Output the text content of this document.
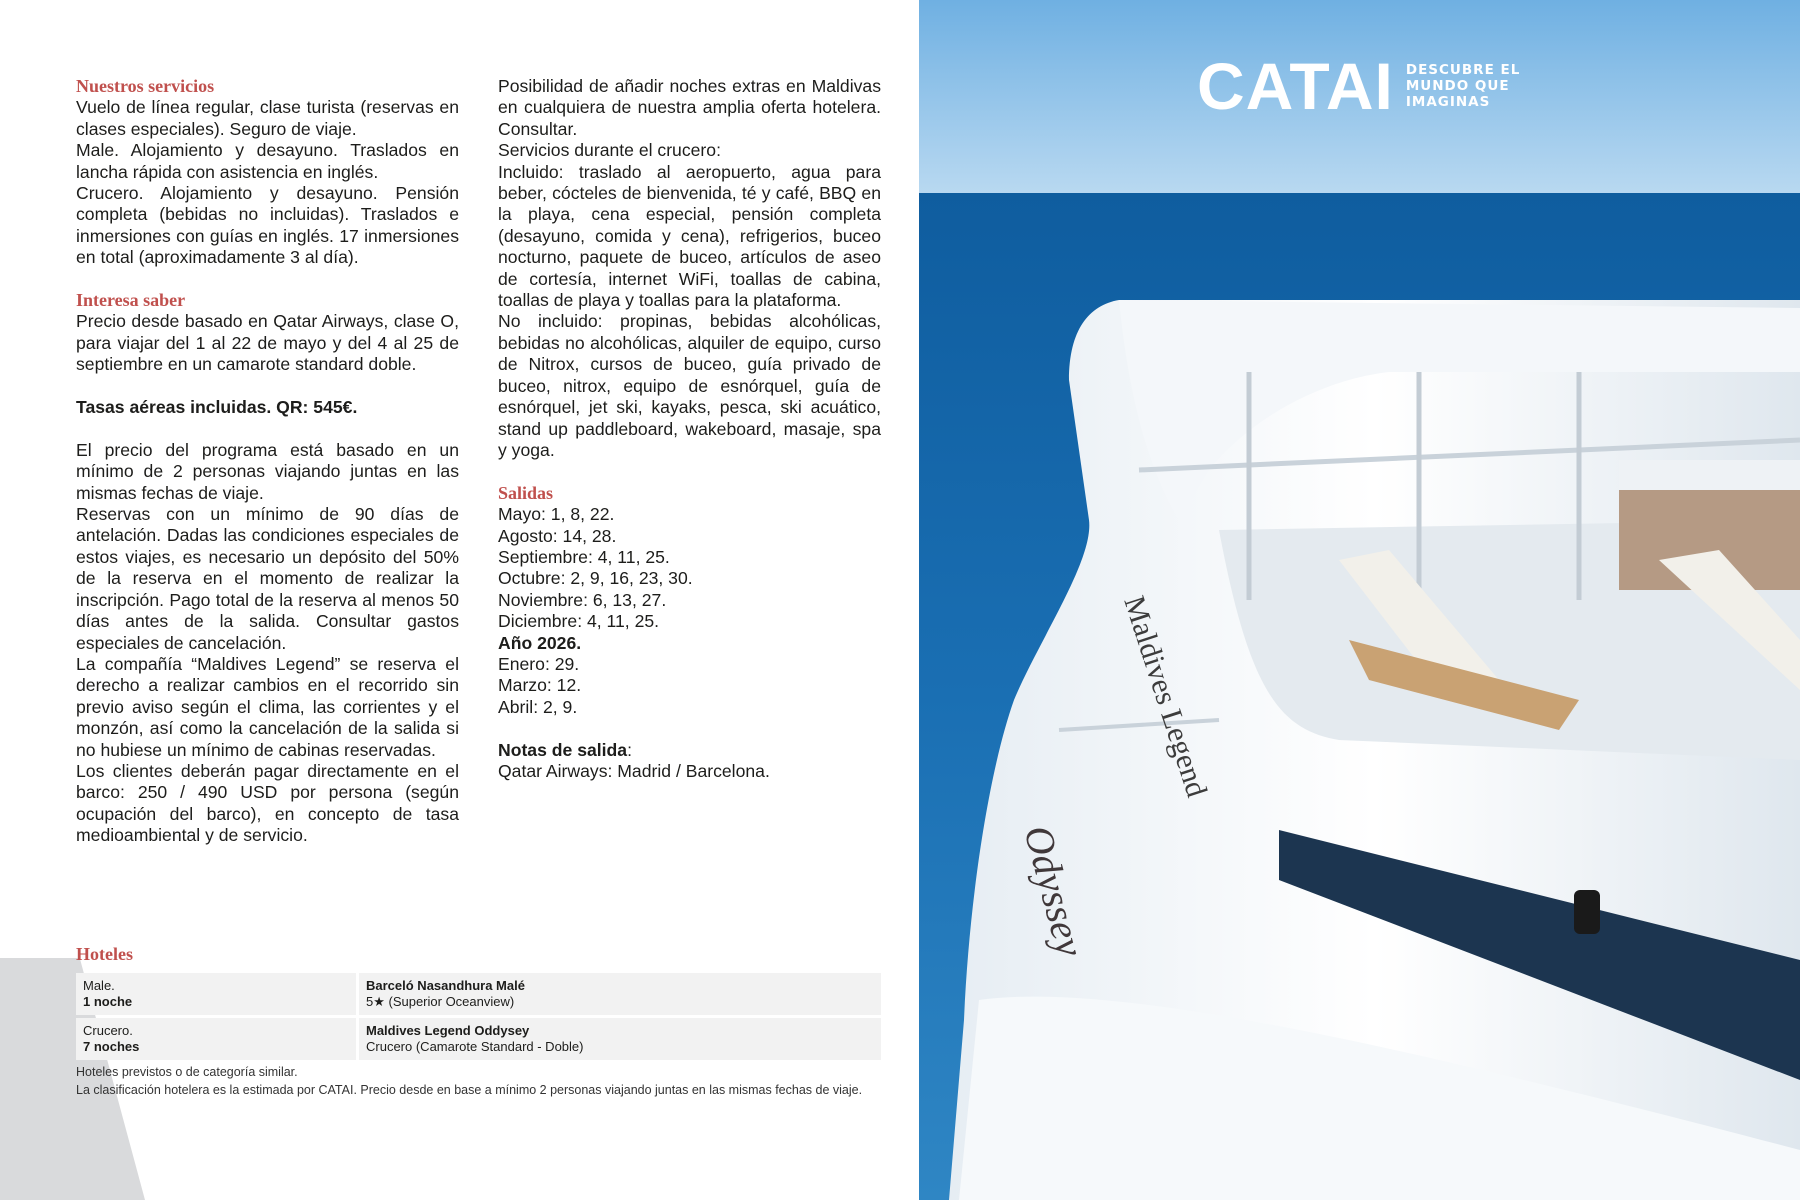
Nuestros servicios

Vuelo de línea regular, clase turista (reservas en clases especiales). Seguro de viaje.

Male. Alojamiento y desayuno. Traslados en lancha rápida con asistencia en inglés.

Crucero. Alojamiento y desayuno. Pensión completa (bebidas no incluidas). Traslados e inmersiones con guías en inglés. 17 inmersiones en total (aproximadamente 3 al día).

Interesa saber

Precio desde basado en Qatar Airways, clase O, para viajar del 1 al 22 de mayo y del 4 al 25 de septiembre en un camarote standard doble.

Tasas aéreas incluidas. QR: 545€.

El precio del programa está basado en un mínimo de 2 personas viajando juntas en las mismas fechas de viaje.

Reservas con un mínimo de 90 días de antelación. Dadas las condiciones especiales de estos viajes, es necesario un depósito del 50% de la reserva en el momento de realizar la inscripción. Pago total de la reserva al menos 50 días antes de la salida. Consultar gastos especiales de cancelación.

La compañía “Maldives Legend” se reserva el derecho a realizar cambios en el recorrido sin previo aviso según el clima, las corrientes y el monzón, así como la cancelación de la salida si no hubiese un mínimo de cabinas reservadas.

Los clientes deberán pagar directamente en el barco: 250 / 490 USD por persona (según ocupación del barco), en concepto de tasa medioambiental y de servicio.

Posibilidad de añadir noches extras en Maldivas en cualquiera de nuestra amplia oferta hotelera. Consultar.

Servicios durante el crucero:

Incluido: traslado al aeropuerto, agua para beber, cócteles de bienvenida, té y café, BBQ en la playa, cena especial, pensión completa (desayuno, comida y cena), refrigerios, buceo nocturno, paquete de buceo, artículos de aseo de cortesía, internet WiFi, toallas de cabina, toallas de playa y toallas para la plataforma.

No incluido: propinas, bebidas alcohólicas, bebidas no alcohólicas, alquiler de equipo, curso de Nitrox, cursos de buceo, guía privado de buceo, nitrox, equipo de esnórquel, guía de esnórquel, jet ski, kayaks, pesca, ski acuático, stand up paddleboard, wakeboard, masaje, spa y yoga.

Salidas

Mayo: 1, 8, 22.

Agosto: 14, 28.

Septiembre: 4, 11, 25.

Octubre: 2, 9, 16, 23, 30.

Noviembre: 6, 13, 27.

Diciembre: 4, 11, 25.

Año 2026.

Enero: 29.

Marzo: 12.

Abril: 2, 9.

Notas de salida:

Qatar Airways: Madrid / Barcelona.

Hoteles
Male.
1 noche
Barceló Nasandhura Malé
5★ (Superior Oceanview)
Crucero.
7 noches
Maldives Legend Oddysey
Crucero (Camarote Standard - Doble)
Hoteles previstos o de categoría similar.
La clasificación hotelera es la estimada por CATAI. Precio desde en base a mínimo 2 personas viajando juntas en las mismas fechas de viaje.
Maldives Legend
Odyssey
CATAI DESCUBRE EL
MUNDO QUE
IMAGINAS
